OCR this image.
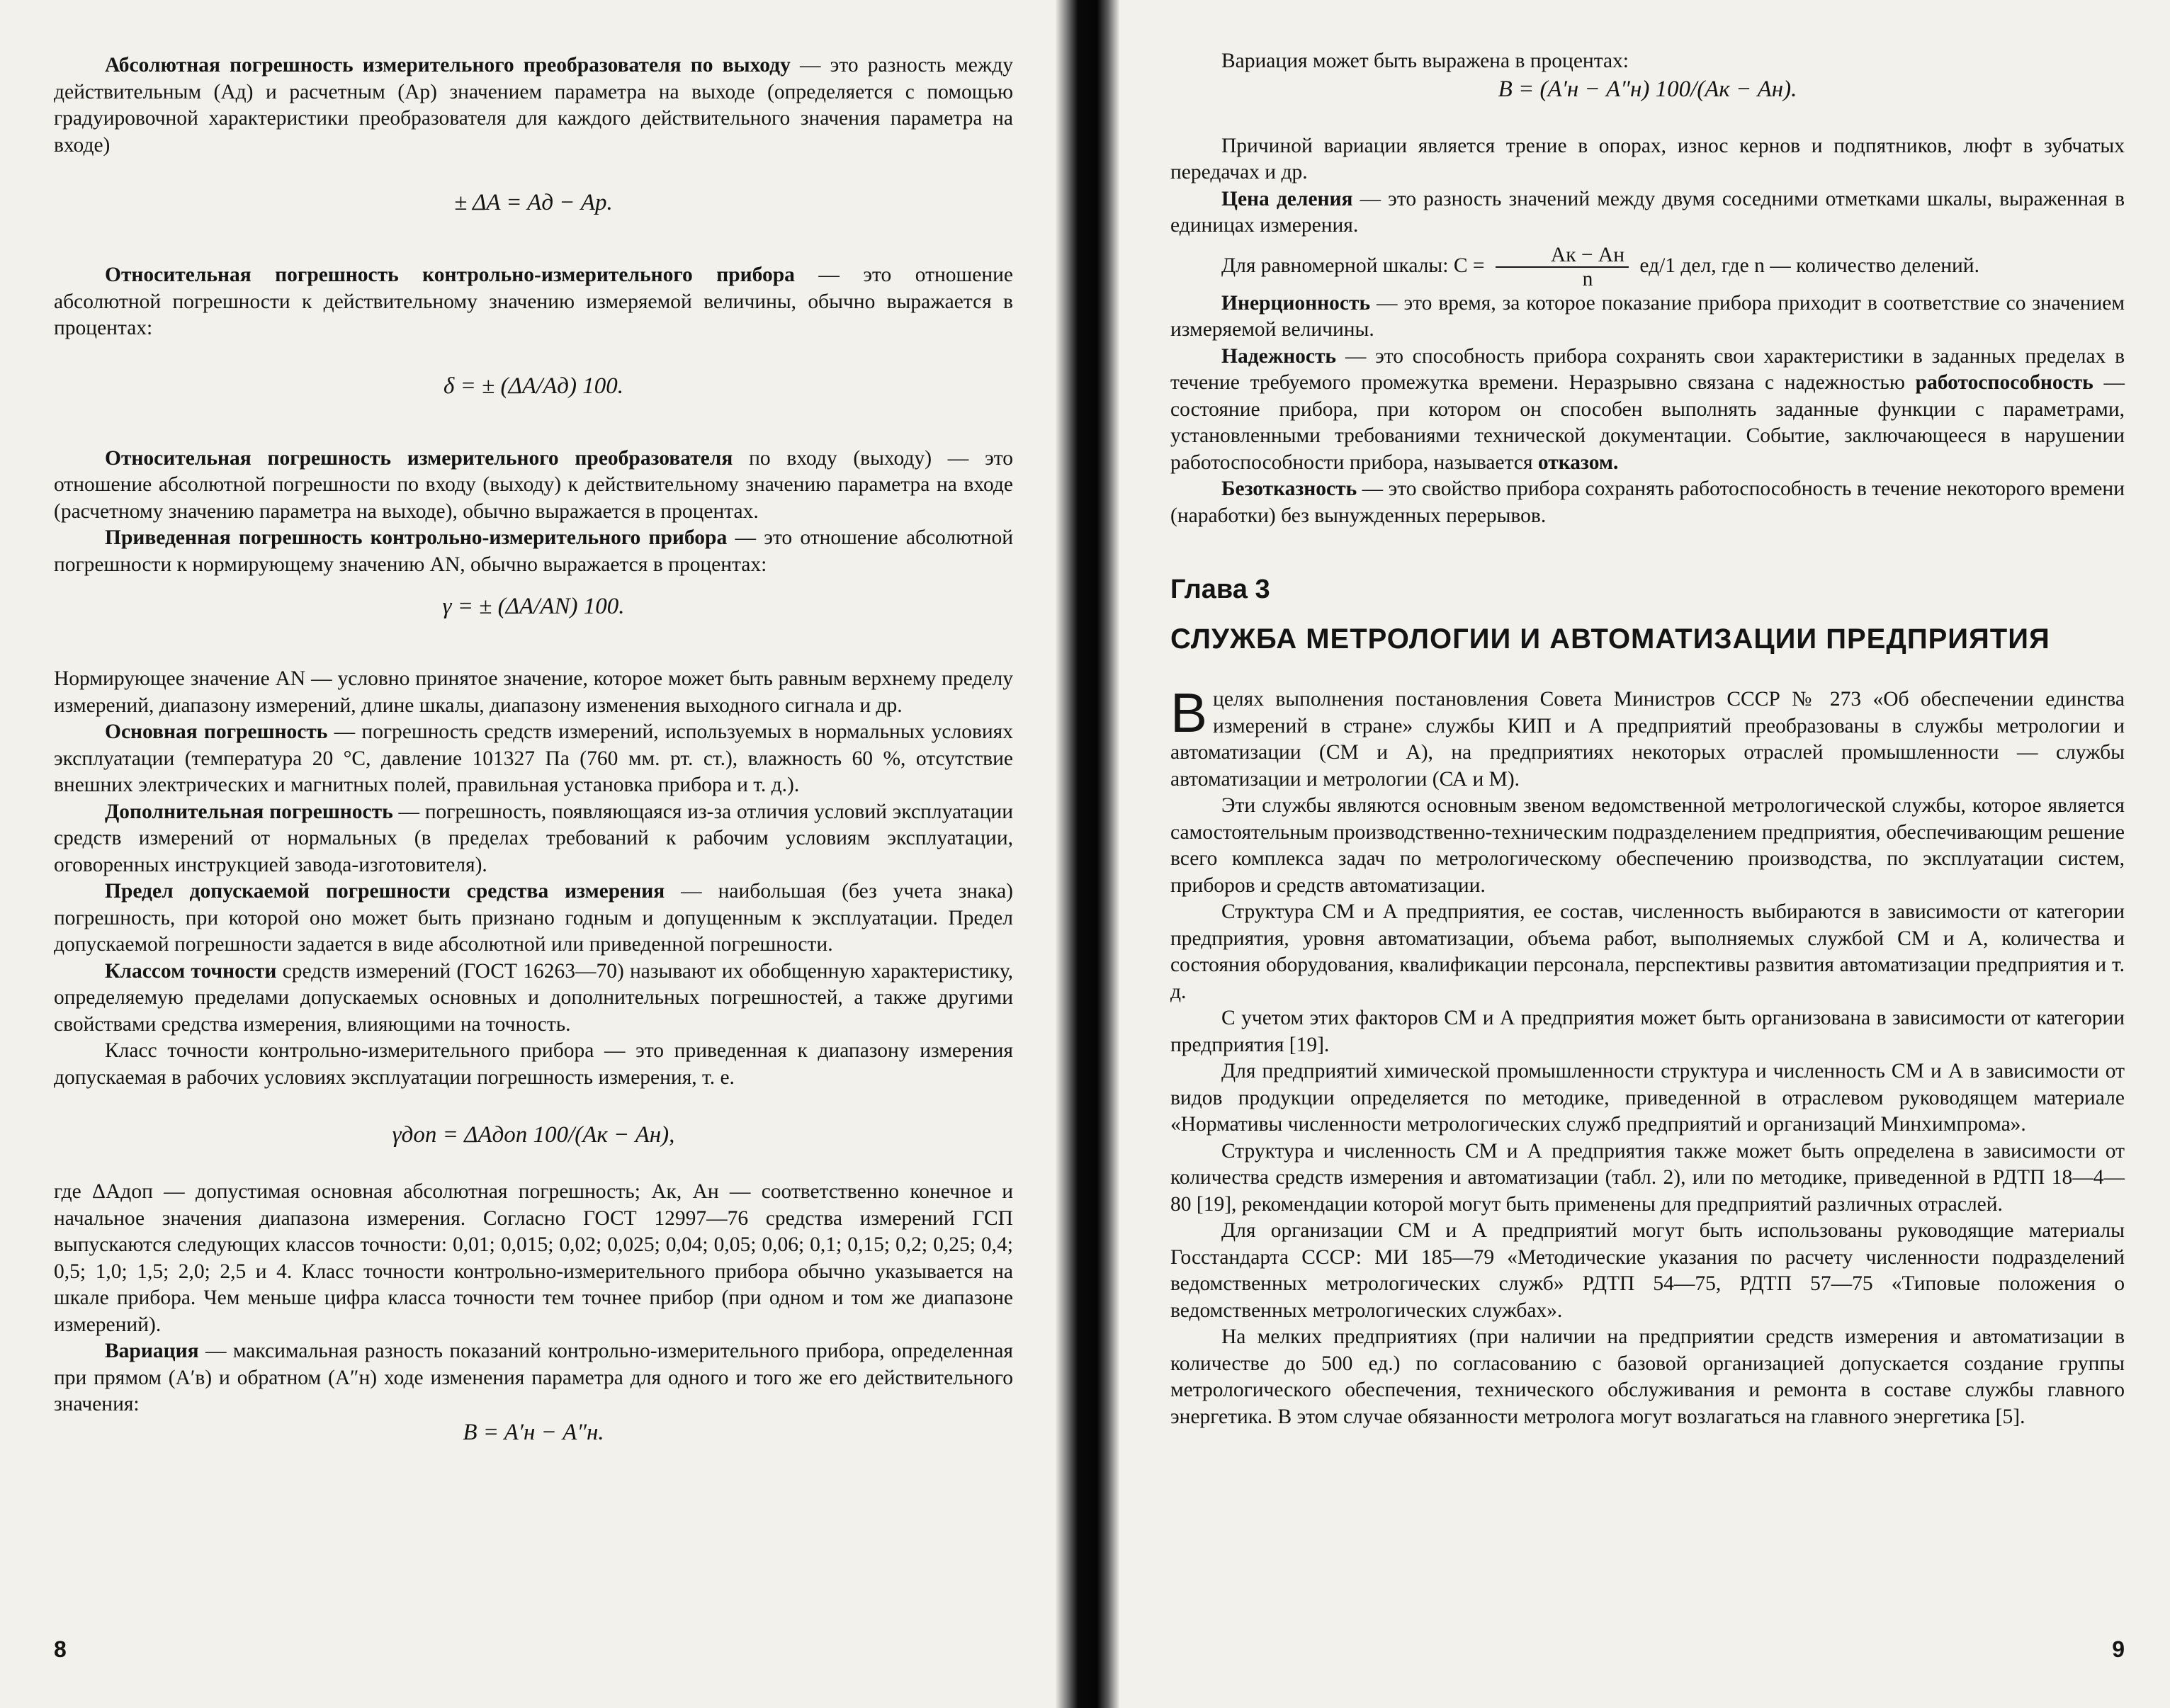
Абсолютная погрешность измерительного преобразователя по выходу — это разность между действительным (Aд) и расчетным (Aр) значением параметра на выходе (определяется с помощью градуировочной характеристики преобразователя для каждого действительного значения параметра на входе)

± ΔA = Aд − Aр.

Относительная погрешность контрольно-измерительного прибора — это отношение абсолютной погрешности к действительному значению измеряемой величины, обычно выражается в процентах:

δ = ± (ΔA/Aд) 100.

Относительная погрешность измерительного преобразователя по входу (выходу) — это отношение абсолютной погрешности по входу (выходу) к действительному значению параметра на входе (расчетному значению параметра на выходе), обычно выражается в процентах.

Приведенная погрешность контрольно-измерительного прибора — это отношение абсолютной погрешности к нормирующему значению AN, обычно выражается в процентах:

γ = ± (ΔA/AN) 100.

Нормирующее значение AN — условно принятое значение, которое может быть равным верхнему пределу измерений, диапазону измерений, длине шкалы, диапазону изменения выходного сигнала и др.

Основная погрешность — погрешность средств измерений, используемых в нормальных условиях эксплуатации (температура 20 °С, давление 101327 Па (760 мм. рт. ст.), влажность 60 %, отсутствие внешних электрических и магнитных полей, правильная установка прибора и т. д.).

Дополнительная погрешность — погрешность, появляющаяся из-за отличия условий эксплуатации средств измерений от нормальных (в пределах требований к рабочим условиям эксплуатации, оговоренных инструкцией завода-изготовителя).

Предел допускаемой погрешности средства измерения — наибольшая (без учета знака) погрешность, при которой оно может быть признано годным и допущенным к эксплуатации. Предел допускаемой погрешности задается в виде абсолютной или приведенной погрешности.

Классом точности средств измерений (ГОСТ 16263—70) называют их обобщенную характеристику, определяемую пределами допускаемых основных и дополнительных погрешностей, а также другими свойствами средства измерения, влияющими на точность.

Класс точности контрольно-измерительного прибора — это приведенная к диапазону измерения допускаемая в рабочих условиях эксплуатации погрешность измерения, т. е.

γдоп = ΔAдоп 100/(Aк − Aн),

где ΔAдоп — допустимая основная абсолютная погрешность; Aк, Aн — соответственно конечное и начальное значения диапазона измерения. Согласно ГОСТ 12997—76 средства измерений ГСП выпускаются следующих классов точности: 0,01; 0,015; 0,02; 0,025; 0,04; 0,05; 0,06; 0,1; 0,15; 0,2; 0,25; 0,4; 0,5; 1,0; 1,5; 2,0; 2,5 и 4. Класс точности контрольно-измерительного прибора обычно указывается на шкале прибора. Чем меньше цифра класса точности тем точнее прибор (при одном и том же диапазоне измерений).

Вариация — максимальная разность показаний контрольно-измерительного прибора, определенная при прямом (A′в) и обратном (A″н) ходе изменения параметра для одного и того же его действительного значения:

B = A′н − A″н.

8

Вариация может быть выражена в процентах:

B = (A′н − A″н) 100/(Aк − Aн).

Причиной вариации является трение в опорах, износ кернов и подпятников, люфт в зубчатых передачах и др.

Цена деления — это разность значений между двумя соседними отметками шкалы, выраженная в единицах измерения.

Для равномерной шкалы: $C = \frac{Aк - Aн}{n} ед/1$ дел, где n — количество делений.

Инерционность — это время, за которое показание прибора приходит в соответствие со значением измеряемой величины.

Надежность — это способность прибора сохранять свои характеристики в заданных пределах в течение требуемого промежутка времени. Неразрывно связана с надежностью работоспособность — состояние прибора, при котором он способен выполнять заданные функции с параметрами, установленными требованиями технической документации. Событие, заключающееся в нарушении работоспособности прибора, называется отказом.

Безотказность — это свойство прибора сохранять работоспособность в течение некоторого времени (наработки) без вынужденных перерывов.

Глава 3
СЛУЖБА МЕТРОЛОГИИ И АВТОМАТИЗАЦИИ ПРЕДПРИЯТИЯ

В целях выполнения постановления Совета Министров СССР № 273 «Об обеспечении единства измерений в стране» службы КИП и А предприятий преобразованы в службы метрологии и автоматизации (СМ и А), на предприятиях некоторых отраслей промышленности — службы автоматизации и метрологии (СА и М).

Эти службы являются основным звеном ведомственной метрологической службы, которое является самостоятельным производственно-техническим подразделением предприятия, обеспечивающим решение всего комплекса задач по метрологическому обеспечению производства, по эксплуатации систем, приборов и средств автоматизации.

Структура СМ и А предприятия, ее состав, численность выбираются в зависимости от категории предприятия, уровня автоматизации, объема работ, выполняемых службой СМ и А, количества и состояния оборудования, квалификации персонала, перспективы развития автоматизации предприятия и т. д.

С учетом этих факторов СМ и А предприятия может быть организована в зависимости от категории предприятия [19].

Для предприятий химической промышленности структура и численность СМ и А в зависимости от видов продукции определяется по методике, приведенной в отраслевом руководящем материале «Нормативы численности метрологических служб предприятий и организаций Минхимпрома».

Структура и численность СМ и А предприятия также может быть определена в зависимости от количества средств измерения и автоматизации (табл. 2), или по методике, приведенной в РДТП 18—4—80 [19], рекомендации которой могут быть применены для предприятий различных отраслей.

Для организации СМ и А предприятий могут быть использованы руководящие материалы Госстандарта СССР: МИ 185—79 «Методические указания по расчету численности подразделений ведомственных метрологических служб» РДТП 54—75, РДТП 57—75 «Типовые положения о ведомственных метрологических службах».

На мелких предприятиях (при наличии на предприятии средств измерения и автоматизации в количестве до 500 ед.) по согласованию с базовой организацией допускается создание группы метрологического обеспечения, технического обслуживания и ремонта в составе службы главного энергетика. В этом случае обязанности метролога могут возлагаться на главного энергетика [5].

9
